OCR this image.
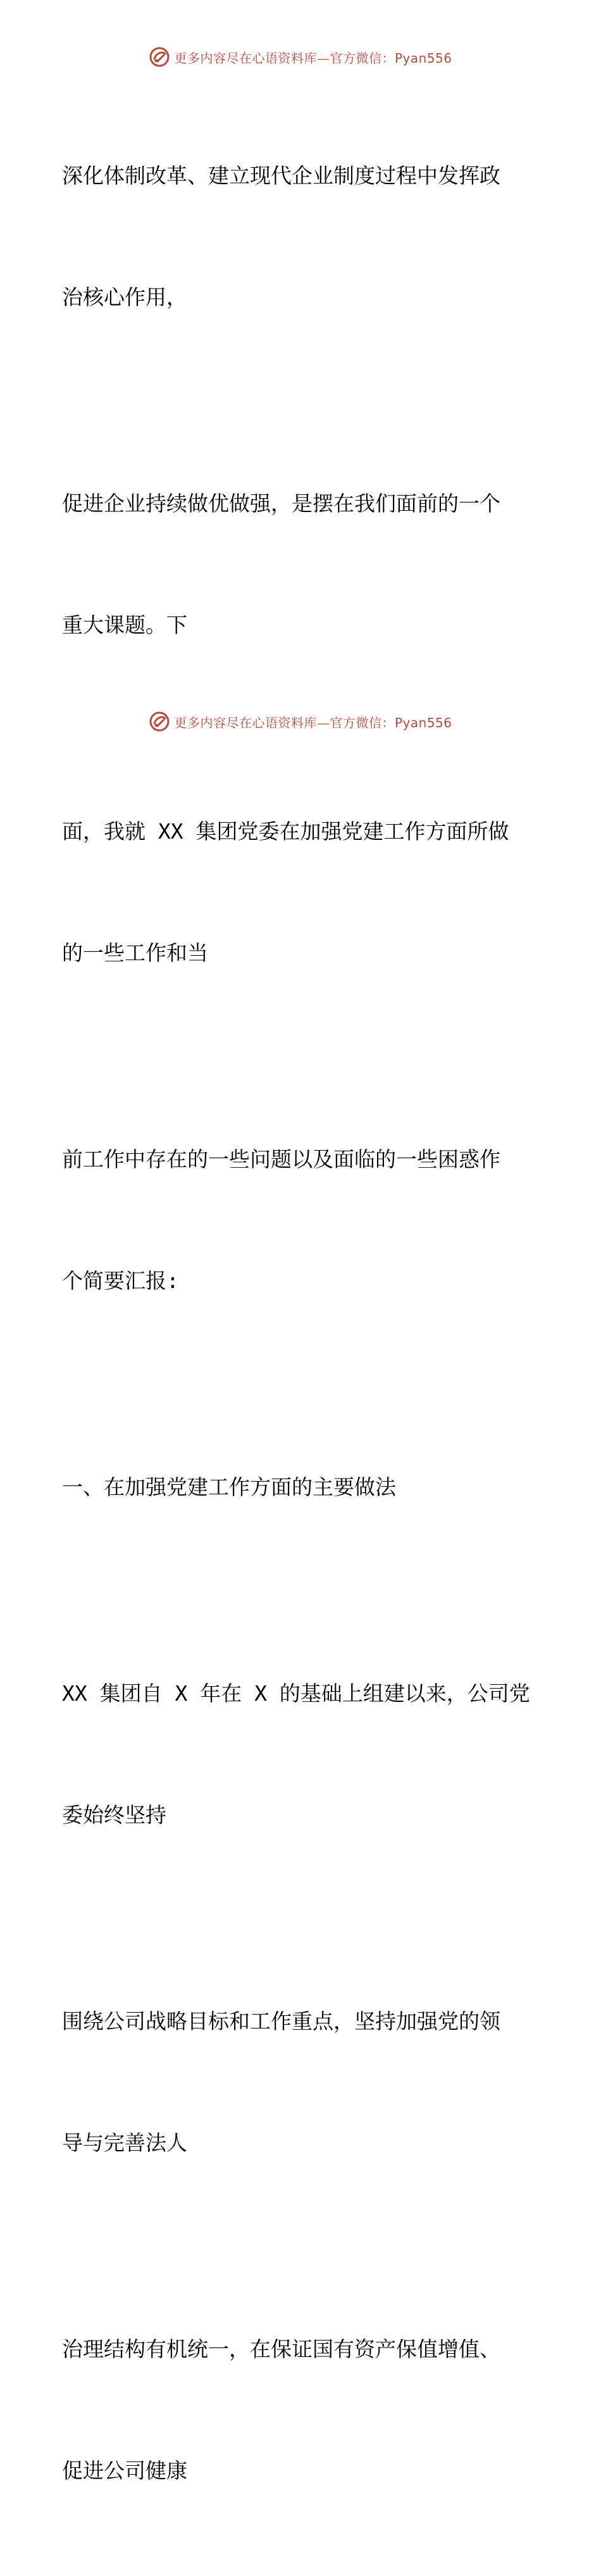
更多内容尽在心语资料库—官方微信：Pyan556

深化体制改革、建立现代企业制度过程中发挥政

治核心作用，

促进企业持续做优做强，是摆在我们面前的一个

重大课题。下

面，我就 XX 集团党委在加强党建工作方面所做

的一些工作和当

前工作中存在的一些问题以及面临的一些困惑作

个简要汇报:

一、在加强党建工作方面的主要做法

XX 集团自 X 年在 X 的基础上组建以来，公司党

委始终坚持

围绕公司战略目标和工作重点，坚持加强党的领

导与完善法人

治理结构有机统一，在保证国有资产保值增值、

促进公司健康

更多内容尽在心语资料库—官方微信：Pyan556
